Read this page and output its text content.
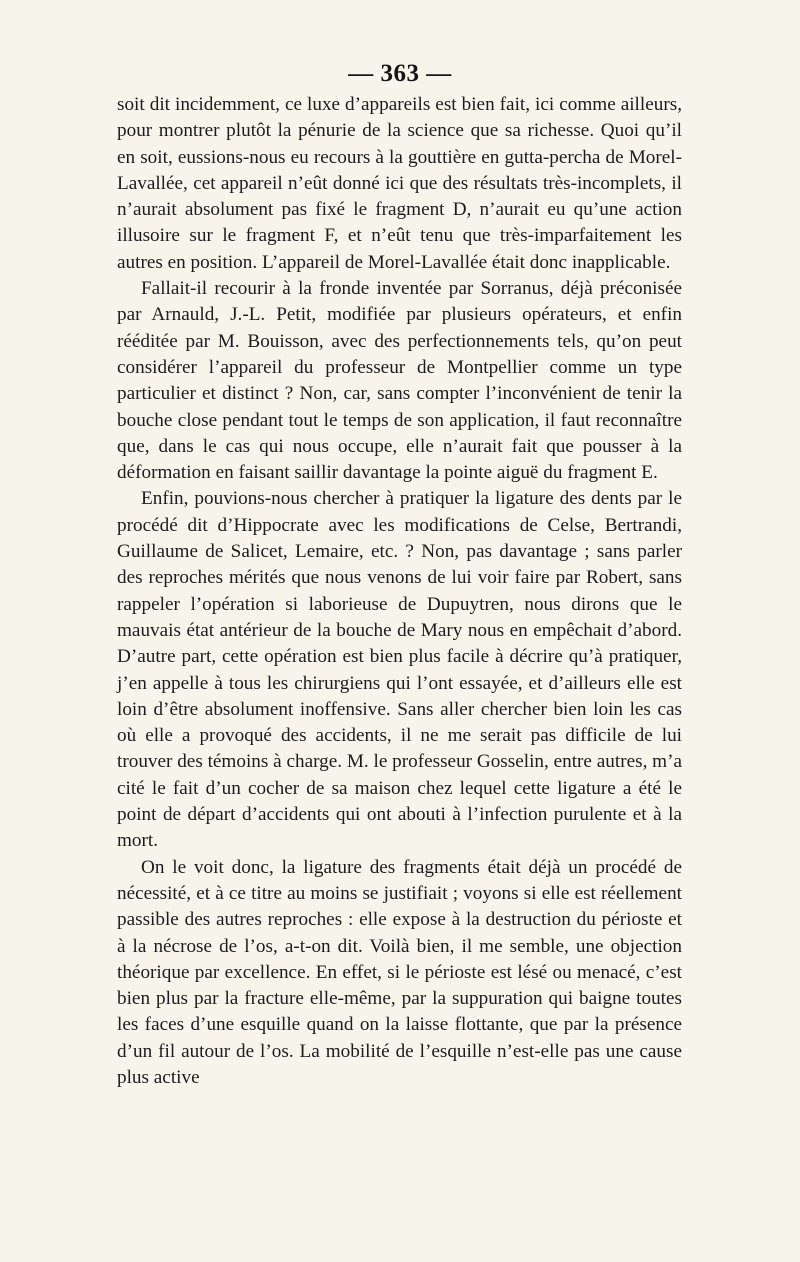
— 363 —

soit dit incidemment, ce luxe d’appareils est bien fait, ici comme ailleurs, pour montrer plutôt la pénurie de la science que sa richesse. Quoi qu’il en soit, eussions-nous eu recours à la gouttière en gutta-percha de Morel-Lavallée, cet appareil n’eût donné ici que des résultats très-incomplets, il n’aurait absolument pas fixé le fragment D, n’aurait eu qu’une action illusoire sur le fragment F, et n’eût tenu que très-imparfaitement les autres en position. L’appareil de Morel-Lavallée était donc inapplicable.

Fallait-il recourir à la fronde inventée par Sorranus, déjà préconisée par Arnauld, J.-L. Petit, modifiée par plusieurs opérateurs, et enfin rééditée par M. Bouisson, avec des perfectionnements tels, qu’on peut considérer l’appareil du professeur de Montpellier comme un type particulier et distinct ? Non, car, sans compter l’inconvénient de tenir la bouche close pendant tout le temps de son application, il faut reconnaître que, dans le cas qui nous occupe, elle n’aurait fait que pousser à la déformation en faisant saillir davantage la pointe aiguë du fragment E.

Enfin, pouvions-nous chercher à pratiquer la ligature des dents par le procédé dit d’Hippocrate avec les modifications de Celse, Bertrandi, Guillaume de Salicet, Lemaire, etc. ? Non, pas davantage ; sans parler des reproches mérités que nous venons de lui voir faire par Robert, sans rappeler l’opération si laborieuse de Dupuytren, nous dirons que le mauvais état antérieur de la bouche de Mary nous en empêchait d’abord. D’autre part, cette opération est bien plus facile à décrire qu’à pratiquer, j’en appelle à tous les chirurgiens qui l’ont essayée, et d’ailleurs elle est loin d’être absolument inoffensive. Sans aller chercher bien loin les cas où elle a provoqué des accidents, il ne me serait pas difficile de lui trouver des témoins à charge. M. le professeur Gosselin, entre autres, m’a cité le fait d’un cocher de sa maison chez lequel cette ligature a été le point de départ d’accidents qui ont abouti à l’infection purulente et à la mort.

On le voit donc, la ligature des fragments était déjà un procédé de nécessité, et à ce titre au moins se justifiait ; voyons si elle est réellement passible des autres reproches : elle expose à la destruction du périoste et à la nécrose de l’os, a-t-on dit. Voilà bien, il me semble, une objection théorique par excellence. En effet, si le périoste est lésé ou menacé, c’est bien plus par la fracture elle-même, par la suppuration qui baigne toutes les faces d’une esquille quand on la laisse flottante, que par la présence d’un fil autour de l’os. La mobilité de l’esquille n’est-elle pas une cause plus active
